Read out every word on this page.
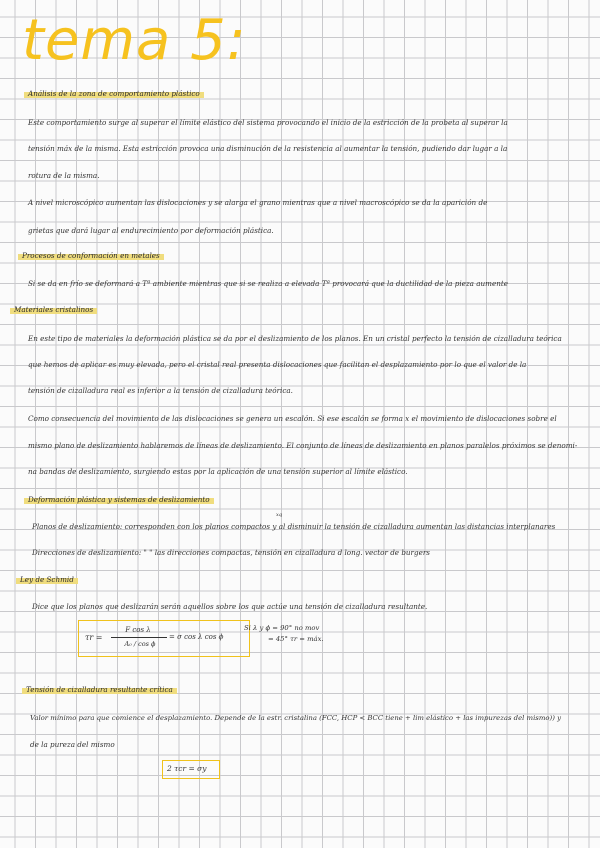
tema 5:
Análisis de la zona de comportamiento plástico
Este comportamiento surge al superar el límite elástico del sistema provocando el inicio de la estricción de la probeta al superar la
tensión máx de la misma. Esta estricción provoca una disminución de la resistencia al aumentar la tensión, pudiendo dar lugar a la
rotura de la misma.
A nivel microscópico aumentan las dislocaciones y se alarga el grano mientras que a nivel macroscópico se da la aparición de
grietas que dará lugar al endurecimiento por deformación plástica.
Procesos de conformación en metales
Si se da en frío se deformará a Tª ambiente mientras que si se realiza a elevada Tª provocará que la ductilidad de la pieza aumente
Materiales cristalinos
En este tipo de materiales la deformación plástica se da por el deslizamiento de los planos. En un cristal perfecto la tensión de cizalladura teórica
que hemos de aplicar es muy elevada, pero el cristal real presenta dislocaciones que facilitan el desplazamiento por lo que el valor de la
tensión de cizalladura real es inferior a la tensión de cizalladura teórica.
Como consecuencia del movimiento de las dislocaciones se genera un escalón. Si ese escalón se forma x el movimiento de dislocaciones sobre el
mismo plano de deslizamiento hablaremos de líneas de deslizamiento. El conjunto de líneas de deslizamiento en planos paralelos próximos se denomi-
na bandas de deslizamiento, surgiendo estas por la aplicación de una tensión superior al límite elástico.
Deformación plástica y sistemas de deslizamiento
xq
Planos de deslizamiento: corresponden con los planos compactos y al disminuir la tensión de cizalladura aumentan las distancias interplanares
Direcciones de deslizamiento: " " las direcciones compactas, tensión en cizalladura d long. vector de burgers
Ley de Schmid
Dice que los planos que deslizarán serán aquellos sobre los que actúe una tensión de cizalladura resultante.
τr =
F cos λ
A₀ / cos ϕ
= σ cos λ cos ϕ
Si λ y ϕ = 90° no mov
= 45° τr = máx.
Tensión de cizalladura resultante crítica
Valor mínimo para que comience el desplazamiento. Depende de la estr. cristalina (FCC, HCP < BCC tiene + lim elástico + las impurezas del mismo)) y
de la pureza del mismo
2 τcr = σy
